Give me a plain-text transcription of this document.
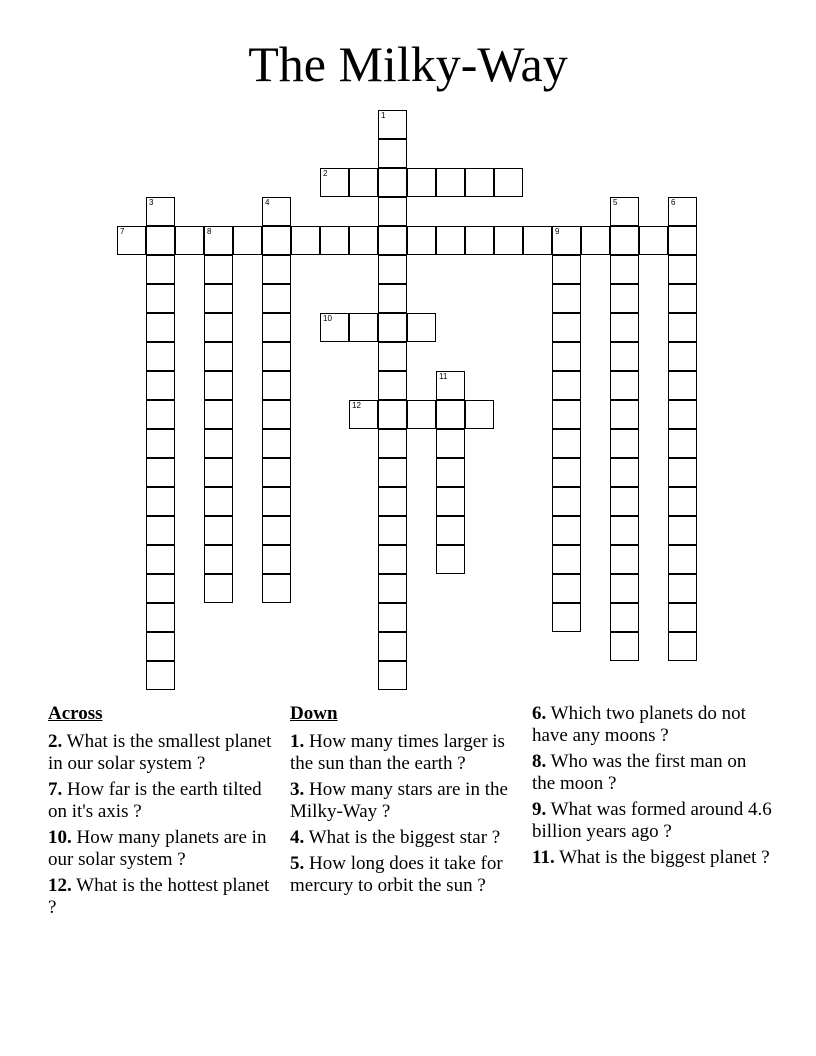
The Milky-Way
1
2
3	4	5	6
7	8	9
10
11
12
Across
2. What is the smallest planet in our solar system ?
7. How far is the earth tilted on it's axis ?
10. How many planets are in our solar system ?
12. What is the hottest planet ?
Down
1. How many times larger is the sun than the earth ?
3. How many stars are in the Milky-Way ?
4. What is the biggest star ?
5. How long does it take for mercury to orbit the sun ?
6. Which two planets do not have any moons ?
8. Who was the first man on the moon ?
9. What was formed around 4.6 billion years ago ?
11. What is the biggest planet ?
